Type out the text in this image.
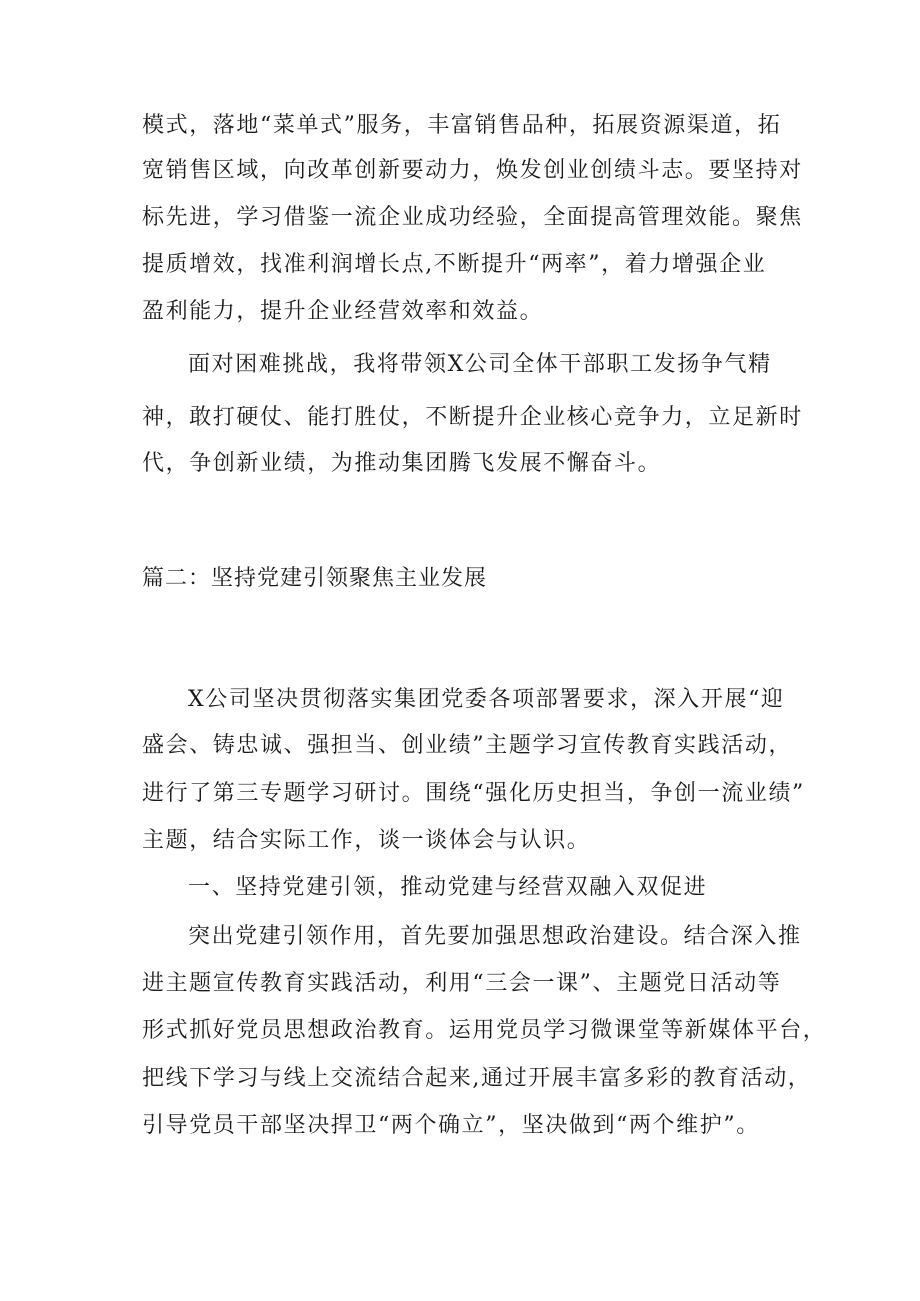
模式，落地“菜单式”服务，丰富销售品种，拓展资源渠道，拓
宽销售区域，向改革创新要动力，焕发创业创绩斗志。要坚持对
标先进，学习借鉴一流企业成功经验，全面提高管理效能。聚焦
提质增效，找准利润增长点,不断提升“两率”，着力增强企业
盈利能力，提升企业经营效率和效益。
面对困难挑战，我将带领X公司全体干部职工发扬争气精
神，敢打硬仗、能打胜仗，不断提升企业核心竞争力，立足新时
代，争创新业绩，为推动集团腾飞发展不懈奋斗。
篇二：坚持党建引领聚焦主业发展
X公司坚决贯彻落实集团党委各项部署要求，深入开展“迎
盛会、铸忠诚、强担当、创业绩”主题学习宣传教育实践活动，
进行了第三专题学习研讨。围绕“强化历史担当，争创一流业绩”
主题，结合实际工作，谈一谈体会与认识。
一、坚持党建引领，推动党建与经营双融入双促进
突出党建引领作用，首先要加强思想政治建设。结合深入推
进主题宣传教育实践活动，利用“三会一课”、主题党日活动等
形式抓好党员思想政治教育。运用党员学习微课堂等新媒体平台，
把线下学习与线上交流结合起来,通过开展丰富多彩的教育活动，
引导党员干部坚决捍卫“两个确立”，坚决做到“两个维护”。
